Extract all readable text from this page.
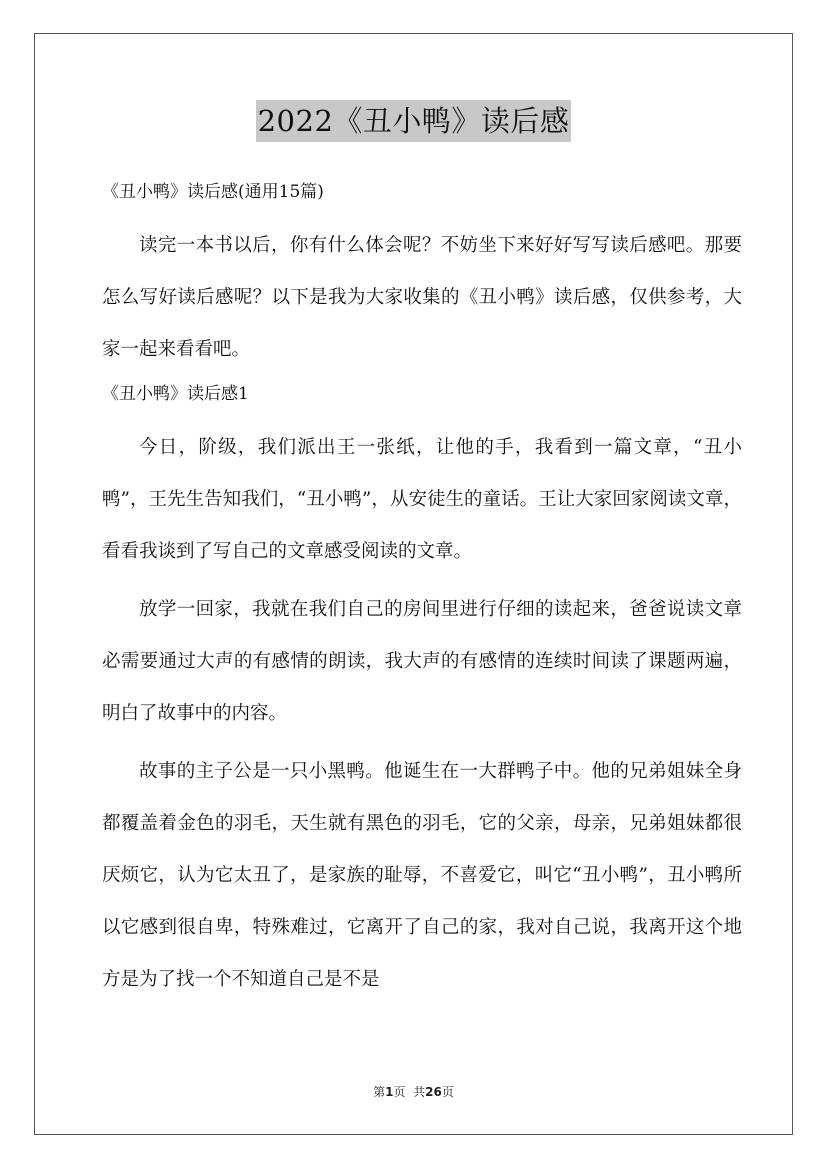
2022《丑小鸭》读后感

《丑小鸭》读后感(通用15篇)

读完一本书以后，你有什么体会呢？不妨坐下来好好写写读后感吧。那要怎么写好读后感呢？以下是我为大家收集的《丑小鸭》读后感，仅供参考，大家一起来看看吧。

《丑小鸭》读后感1

今日，阶级，我们派出王一张纸，让他的手，我看到一篇文章，“丑小鸭”，王先生告知我们，“丑小鸭”，从安徒生的童话。王让大家回家阅读文章，看看我谈到了写自己的文章感受阅读的文章。

放学一回家，我就在我们自己的房间里进行仔细的读起来，爸爸说读文章必需要通过大声的有感情的朗读，我大声的有感情的连续时间读了课题两遍，明白了故事中的内容。

故事的主子公是一只小黑鸭。他诞生在一大群鸭子中。他的兄弟姐妹全身都覆盖着金色的羽毛，天生就有黑色的羽毛，它的父亲，母亲，兄弟姐妹都很厌烦它，认为它太丑了，是家族的耻辱，不喜爱它，叫它“丑小鸭”，丑小鸭所以它感到很自卑，特殊难过，它离开了自己的家，我对自己说，我离开这个地方是为了找一个不知道自己是不是

第1页  共26页
